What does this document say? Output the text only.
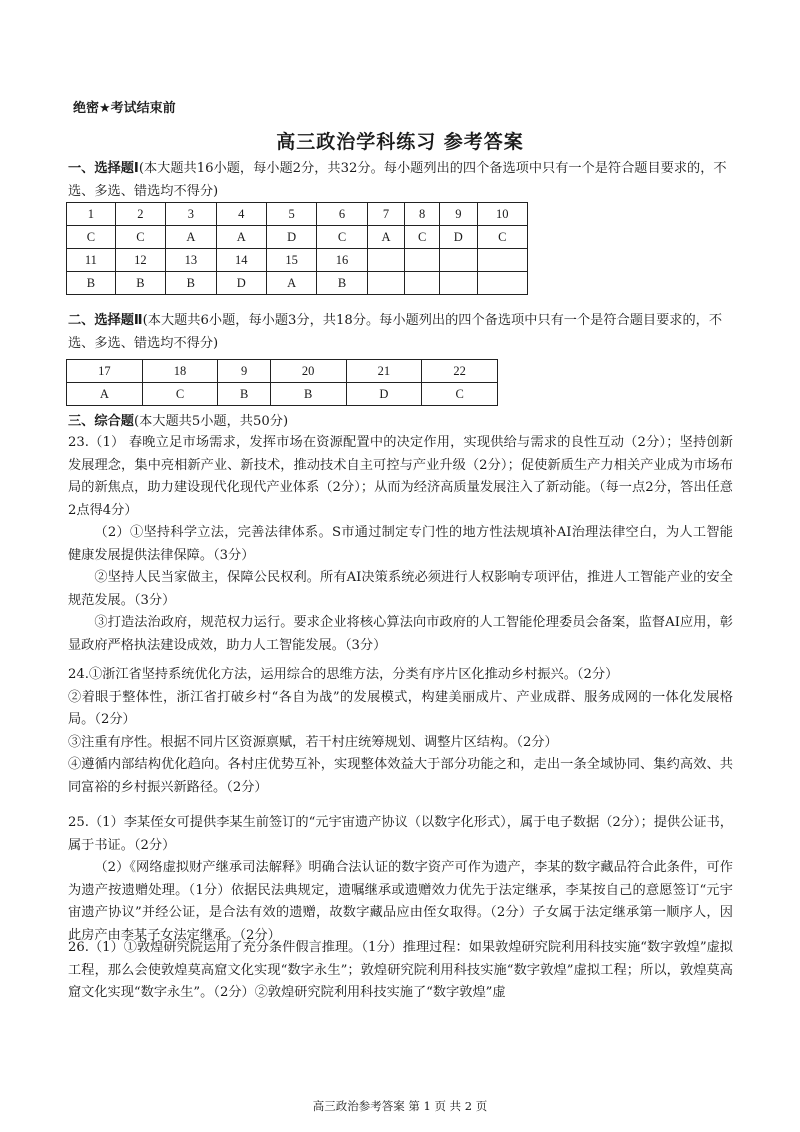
绝密★考试结束前
高三政治学科练习 参考答案
一、选择题Ⅰ(本大题共16小题，每小题2分，共32分。每小题列出的四个备选项中只有一个是符合题目要求的，不选、多选、错选均不得分)
1	2	3	4	5	6	7	8	9	10
C	C	A	A	D	C	A	C	D	C
11	12	13	14	15	16				
B	B	B	D	A	B				
二、选择题Ⅱ(本大题共6小题，每小题3分，共18分。每小题列出的四个备选项中只有一个是符合题目要求的，不选、多选、错选均不得分)
17	18	9	20	21	22
A	C	B	B	D	C
三、综合题(本大题共5小题，共50分)

23.（1） 春晚立足市场需求，发挥市场在资源配置中的决定作用，实现供给与需求的良性互动（2分）；坚持创新发展理念，集中亮相新产业、新技术，推动技术自主可控与产业升级（2分）；促使新质生产力相关产业成为市场布局的新焦点，助力建设现代化现代产业体系（2分）；从而为经济高质量发展注入了新动能。（每一点2分，答出任意2点得4分）

（2）①坚持科学立法，完善法律体系。S市通过制定专门性的地方性法规填补AI治理法律空白，为人工智能健康发展提供法律保障。（3分）

②坚持人民当家做主，保障公民权利。所有AI决策系统必须进行人权影响专项评估，推进人工智能产业的安全规范发展。（3分）

③打造法治政府，规范权力运行。要求企业将核心算法向市政府的人工智能伦理委员会备案，监督AI应用，彰显政府严格执法建设成效，助力人工智能发展。（3分）

24.①浙江省坚持系统优化方法，运用综合的思维方法，分类有序片区化推动乡村振兴。（2分）

②着眼于整体性，浙江省打破乡村“各自为战”的发展模式，构建美丽成片、产业成群、服务成网的一体化发展格局。（2分）

③注重有序性。根据不同片区资源禀赋，若干村庄统筹规划、调整片区结构。（2分）

④遵循内部结构优化趋向。各村庄优势互补，实现整体效益大于部分功能之和，走出一条全域协同、集约高效、共同富裕的乡村振兴新路径。（2分）

25.（1）李某侄女可提供李某生前签订的“元宇宙遗产协议（以数字化形式），属于电子数据（2分）；提供公证书，属于书证。（2分）

（2）《网络虚拟财产继承司法解释》明确合法认证的数字资产可作为遗产，李某的数字藏品符合此条件，可作为遗产按遗赠处理。（1分）依据民法典规定，遗嘱继承或遗赠效力优先于法定继承，李某按自己的意愿签订“元宇宙遗产协议”并经公证，是合法有效的遗赠，故数字藏品应由侄女取得。（2分）子女属于法定继承第一顺序人，因此房产由李某子女法定继承。（2分）

26.（1）①敦煌研究院运用了充分条件假言推理。（1分）推理过程：如果敦煌研究院利用科技实施“数字敦煌”虚拟工程，那么会使敦煌莫高窟文化实现“数字永生”；敦煌研究院利用科技实施“数字敦煌”虚拟工程；所以，敦煌莫高窟文化实现“数字永生”。（2分）②敦煌研究院利用科技实施了“数字敦煌”虚

高三政治参考答案 第 1 页 共 2 页
